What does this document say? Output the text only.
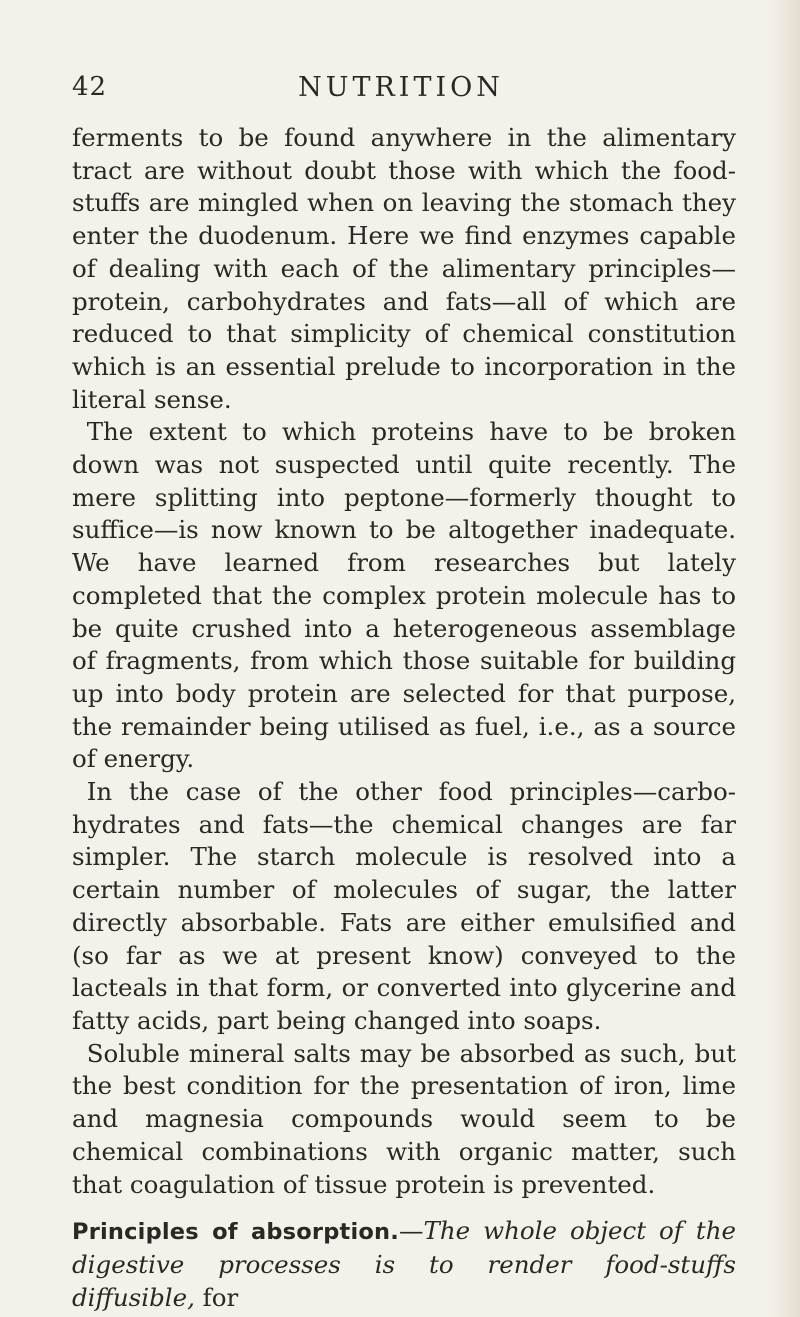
42	NUTRITION

ferments to be found anywhere in the alimentary tract are without doubt those with which the food-stuffs are mingled when on leaving the stomach they enter the duodenum. Here we find enzymes capable of dealing with each of the alimentary principles—protein, carbohydrates and fats—all of which are reduced to that simplicity of chemical constitution which is an essential prelude to incorporation in the literal sense.

The extent to which proteins have to be broken down was not suspected until quite recently. The mere splitting into peptone—formerly thought to suffice—is now known to be altogether inadequate. We have learned from researches but lately completed that the complex protein molecule has to be quite crushed into a heterogeneous assemblage of fragments, from which those suitable for building up into body protein are selected for that purpose, the remainder being utilised as fuel, i.e., as a source of energy.

In the case of the other food principles—carbohydrates and fats—the chemical changes are far simpler. The starch molecule is resolved into a certain number of molecules of sugar, the latter directly absorbable. Fats are either emulsified and (so far as we at present know) conveyed to the lacteals in that form, or converted into glycerine and fatty acids, part being changed into soaps.

Soluble mineral salts may be absorbed as such, but the best condition for the presentation of iron, lime and magnesia compounds would seem to be chemical combinations with organic matter, such that coagulation of tissue protein is prevented.

Principles of absorption.—The whole object of the digestive processes is to render food-stuffs diffusible, for
